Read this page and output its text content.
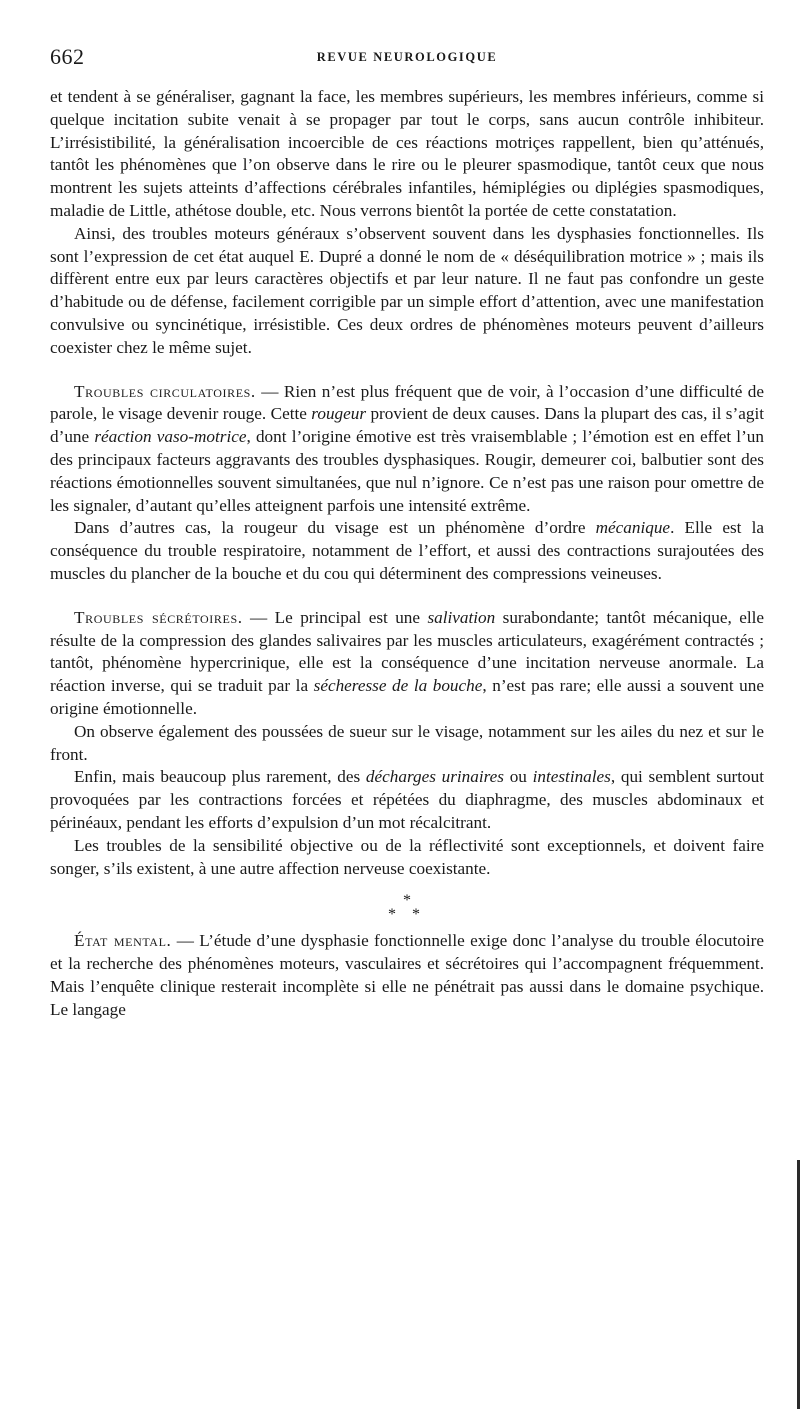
662	REVUE NEUROLOGIQUE

et tendent à se généraliser, gagnant la face, les membres supérieurs, les membres inférieurs, comme si quelque incitation subite venait à se propager par tout le corps, sans aucun contrôle inhibiteur. L’irrésistibilité, la généralisation incoercible de ces réactions motriçes rappellent, bien qu’atténués, tantôt les phénomènes que l’on observe dans le rire ou le pleurer spasmodique, tantôt ceux que nous montrent les sujets atteints d’affections cérébrales infantiles, hémiplégies ou diplégies spasmodiques, maladie de Little, athétose double, etc. Nous verrons bientôt la portée de cette constatation.

Ainsi, des troubles moteurs généraux s’observent souvent dans les dysphasies fonctionnelles. Ils sont l’expression de cet état auquel E. Dupré a donné le nom de « déséquilibration motrice » ; mais ils diffèrent entre eux par leurs caractères objectifs et par leur nature. Il ne faut pas confondre un geste d’habitude ou de défense, facilement corrigible par un simple effort d’attention, avec une manifestation convulsive ou syncinétique, irrésistible. Ces deux ordres de phénomènes moteurs peuvent d’ailleurs coexister chez le même sujet.

Troubles circulatoires. — Rien n’est plus fréquent que de voir, à l’occasion d’une difficulté de parole, le visage devenir rouge. Cette rougeur provient de deux causes. Dans la plupart des cas, il s’agit d’une réaction vaso-motrice, dont l’origine émotive est très vraisemblable ; l’émotion est en effet l’un des principaux facteurs aggravants des troubles dysphasiques. Rougir, demeurer coi, balbutier sont des réactions émotionnelles souvent simultanées, que nul n’ignore. Ce n’est pas une raison pour omettre de les signaler, d’autant qu’elles atteignent parfois une intensité extrême.

Dans d’autres cas, la rougeur du visage est un phénomène d’ordre mécanique. Elle est la conséquence du trouble respiratoire, notamment de l’effort, et aussi des contractions surajoutées des muscles du plancher de la bouche et du cou qui déterminent des compressions veineuses.

Troubles sécrétoires. — Le principal est une salivation surabondante; tantôt mécanique, elle résulte de la compression des glandes salivaires par les muscles articulateurs, exagérément contractés ; tantôt, phénomène hypercrinique, elle est la conséquence d’une incitation nerveuse anormale. La réaction inverse, qui se traduit par la sécheresse de la bouche, n’est pas rare; elle aussi a souvent une origine émotionnelle.

On observe également des poussées de sueur sur le visage, notamment sur les ailes du nez et sur le front.

Enfin, mais beaucoup plus rarement, des décharges urinaires ou intestinales, qui semblent surtout provoquées par les contractions forcées et répétées du diaphragme, des muscles abdominaux et périnéaux, pendant les efforts d’expulsion d’un mot récalcitrant.

Les troubles de la sensibilité objective ou de la réflectivité sont exceptionnels, et doivent faire songer, s’ils existent, à une autre affection nerveuse coexistante.

*
* *

État mental. — L’étude d’une dysphasie fonctionnelle exige donc l’analyse du trouble élocutoire et la recherche des phénomènes moteurs, vasculaires et sécrétoires qui l’accompagnent fréquemment. Mais l’enquête clinique resterait incomplète si elle ne pénétrait pas aussi dans le domaine psychique. Le langage
